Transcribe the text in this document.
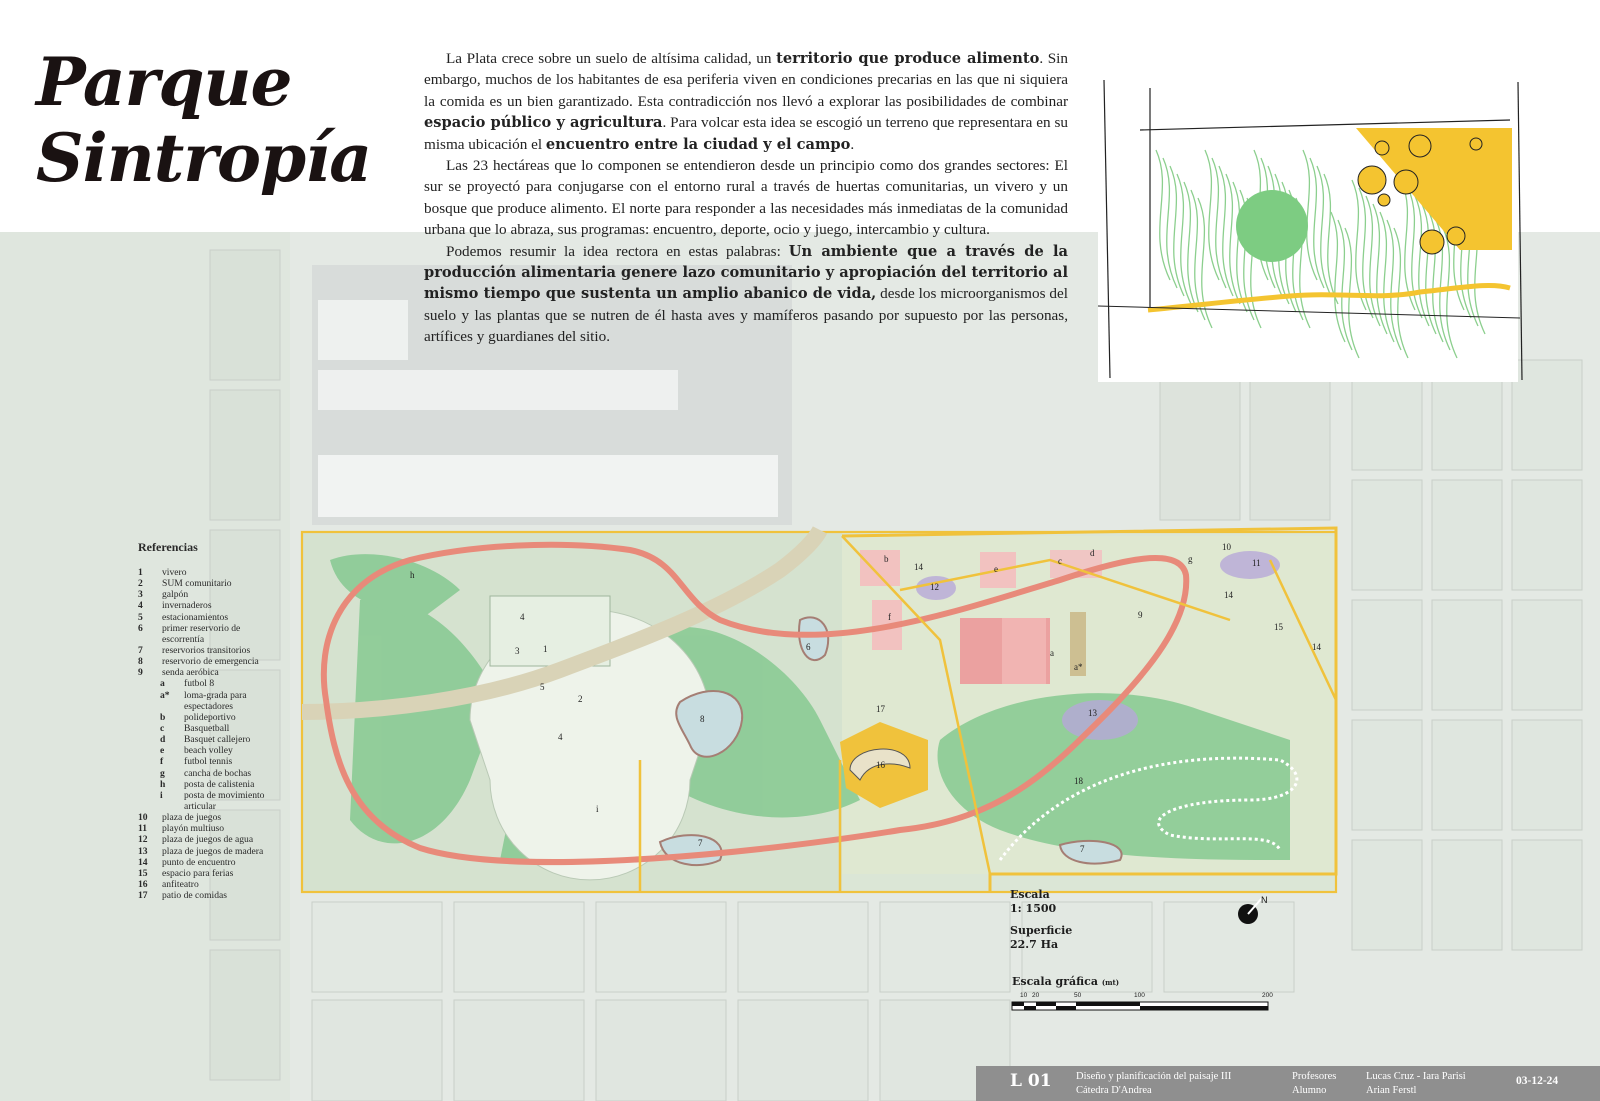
N
1
2
3
4
4
5
6
7
7
8
9
10
11
12
13
14
14
14
15
16
17
18
a
a*
b	c
d
e
f
g
h
i
Parque
Sintropía

La Plata crece sobre un suelo de altísima calidad, un territorio que produce alimento. Sin embargo, muchos de los habitantes de esa periferia viven en condiciones precarias en las que ni siquiera la comida es un bien garantizado. Esta contradicción nos llevó a explorar las posibilidades de combinar espacio público y agricultura. Para volcar esta idea se escogió un terreno que representara en su misma ubicación el encuentro entre la ciudad y el campo.

Las 23 hectáreas que lo componen se entendieron desde un principio como dos grandes sectores: El sur se proyectó para conjugarse con el entorno rural a través de huertas comunitarias, un vivero y un bosque que produce alimento. El norte para responder a las necesidades más inmediatas de la comunidad urbana que lo abraza, sus programas: encuentro, deporte, ocio y juego, intercambio y cultura.

Podemos resumir la idea rectora en estas palabras: Un ambiente que a través de la producción alimentaria genere lazo comunitario y apropiación del territorio al mismo tiempo que sustenta un amplio abanico de vida, desde los microorganismos del suelo y las plantas que se nutren de él hasta aves y mamíferos pasando por supuesto por las personas, artífices y guardianes del sitio.

Referencias
1 vivero
2 SUM comunitario
3 galpón
4 invernaderos
5 estacionamientos
6 primer reservorio de escorrentía
7 reservorios transitorios
8 reservorio de emergencia
9 senda aeróbica
a futbol 8
a* loma-grada para espectadores
b polideportivo
c Basquetball
d Basquet callejero
e beach volley
f futbol tennis
g cancha de bochas
h posta de calistenia
i posta de movimiento articular
10 plaza de juegos
11 playón multiuso
12 plaza de juegos de agua
13 plaza de juegos de madera
14 punto de encuentro
15 espacio para ferias
16 anfiteatro
17 patio de comidas	Escala
1: 1500
Superficie
22.7 Ha
Escala gráfica (mt)
10 20	50	100	200
L 01 Diseño y planificación del paisaje III
Cátedra D'Andrea
Profesores
Alumno
Lucas Cruz - Iara Parisi
Arian Ferstl
03-12-24
